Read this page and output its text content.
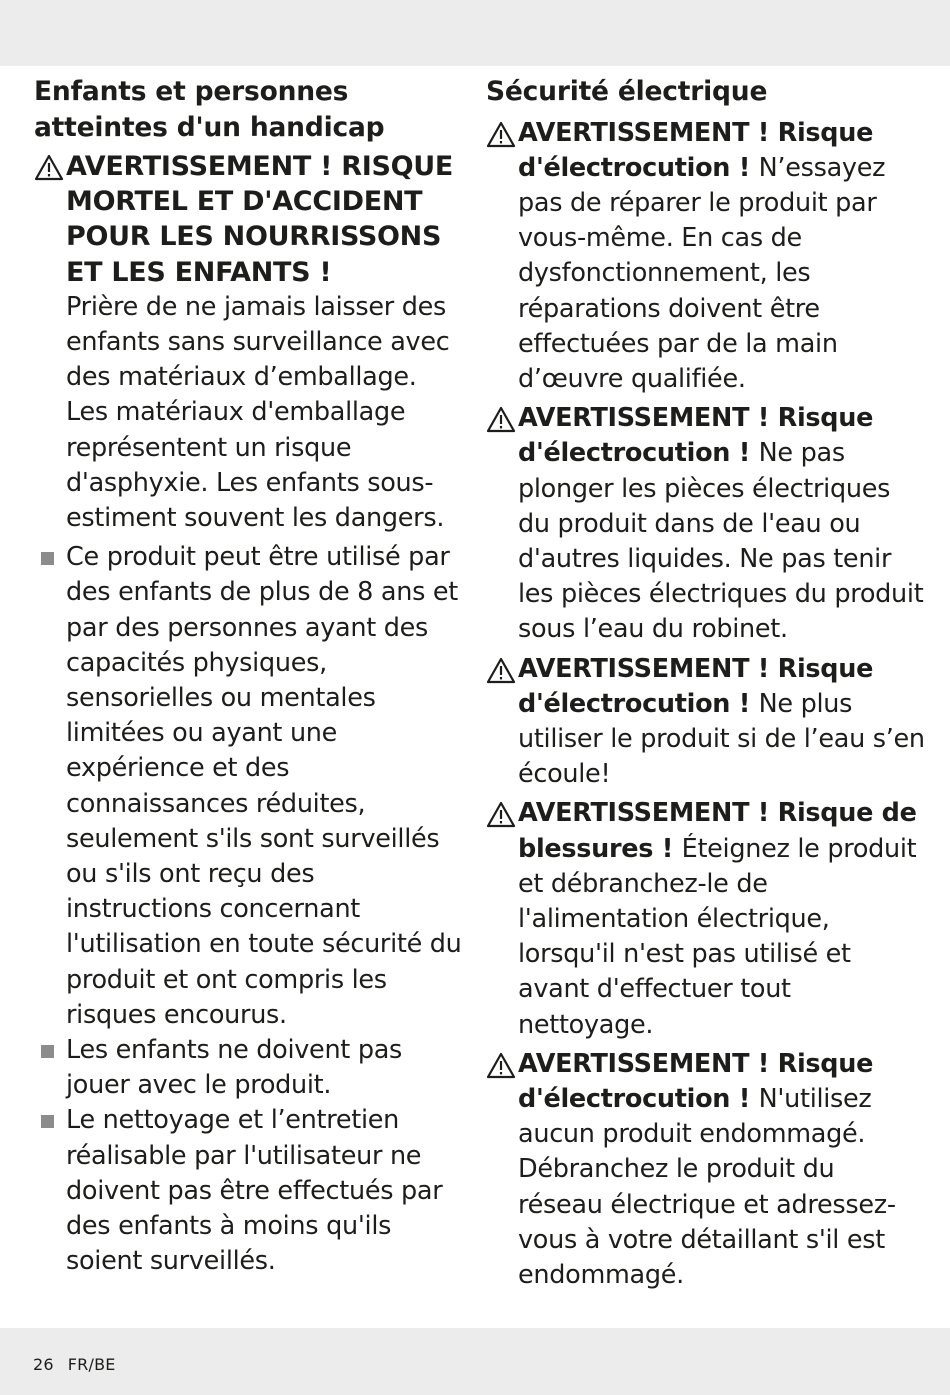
Enfants et personnes atteintes d'un handicap
AVERTISSEMENT ! RISQUE MORTEL ET D'ACCIDENT POUR LES NOURRISSONS ET LES ENFANTS !
Prière de ne jamais laisser des enfants sans surveillance avec des matériaux d’emballage. Les matériaux d'emballage représentent un risque d'asphyxie. Les enfants sous-estiment souvent les dangers.
Ce produit peut être utilisé par des enfants de plus de 8 ans et par des personnes ayant des capacités physiques, sensorielles ou mentales limitées ou ayant une expérience et des connaissances réduites, seulement s'ils sont surveillés ou s'ils ont reçu des instructions concernant l'utilisation en toute sécurité du produit et ont compris les risques encourus.
Les enfants ne doivent pas jouer avec le produit.
Le nettoyage et l’entretien réalisable par l'utilisateur ne doivent pas être effectués par des enfants à moins qu'ils soient surveillés.
Sécurité électrique
AVERTISSEMENT ! Risque d'électrocution ! N’essayez pas de réparer le produit par vous-même. En cas de dysfonctionnement, les réparations doivent être effectuées par de la main d’œuvre qualifiée.
AVERTISSEMENT ! Risque d'électrocution ! Ne pas plonger les pièces électriques du produit dans de l'eau ou d'autres liquides. Ne pas tenir les pièces électriques du produit sous l’eau du robinet.
AVERTISSEMENT ! Risque d'électrocution ! Ne plus utiliser le produit si de l’eau s’en écoule!
AVERTISSEMENT ! Risque de blessures ! Éteignez le produit et débranchez-le de l'alimentation électrique, lorsqu'il n'est pas utilisé et avant d'effectuer tout nettoyage.
AVERTISSEMENT ! Risque d'électrocution ! N'utilisez aucun produit endommagé. Débranchez le produit du réseau électrique et adressez-vous à votre détaillant s'il est endommagé.
26 FR/BE
